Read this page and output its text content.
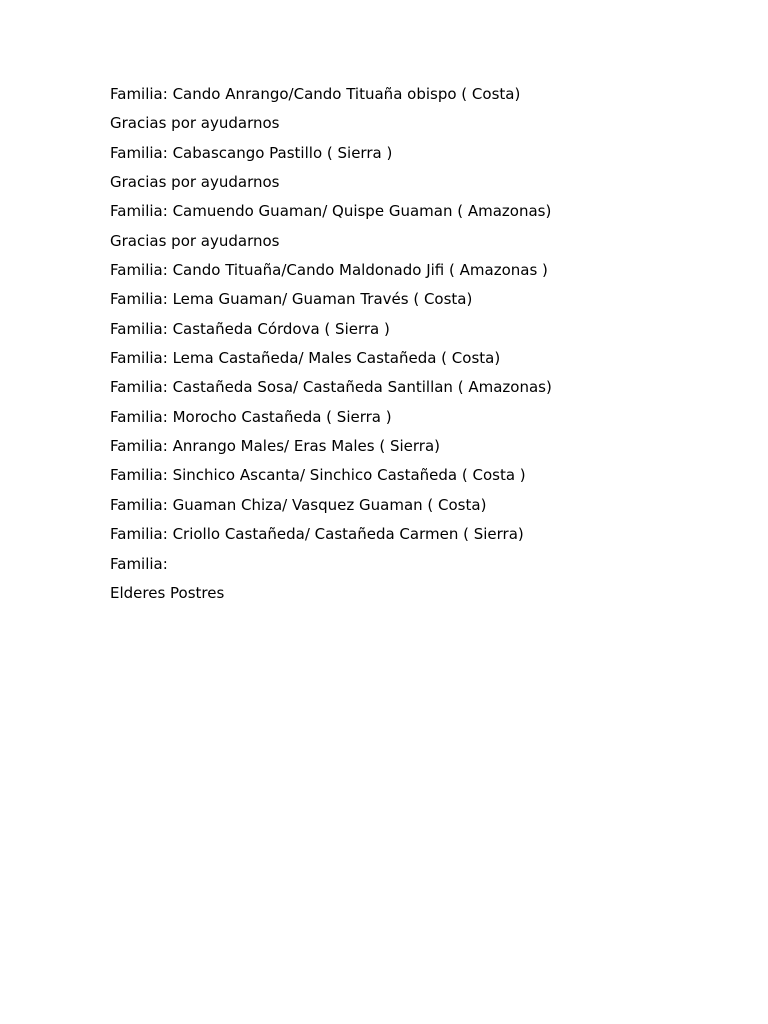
Familia: Cando Anrango/Cando Tituaña obispo ( Costa)

Gracias por ayudarnos

Familia: Cabascango Pastillo ( Sierra )

Gracias por ayudarnos

Familia: Camuendo Guaman/ Quispe Guaman ( Amazonas)

Gracias por ayudarnos

Familia: Cando Tituaña/Cando Maldonado Jifi ( Amazonas )

Familia: Lema Guaman/ Guaman Través ( Costa)

Familia: Castañeda Córdova ( Sierra )

Familia: Lema Castañeda/ Males Castañeda ( Costa)

Familia: Castañeda Sosa/ Castañeda Santillan ( Amazonas)

Familia: Morocho Castañeda ( Sierra )

Familia: Anrango Males/ Eras Males ( Sierra)

Familia: Sinchico Ascanta/ Sinchico Castañeda ( Costa )

Familia: Guaman Chiza/ Vasquez Guaman ( Costa)

Familia: Criollo Castañeda/ Castañeda Carmen ( Sierra)

Familia:

Elderes Postres
